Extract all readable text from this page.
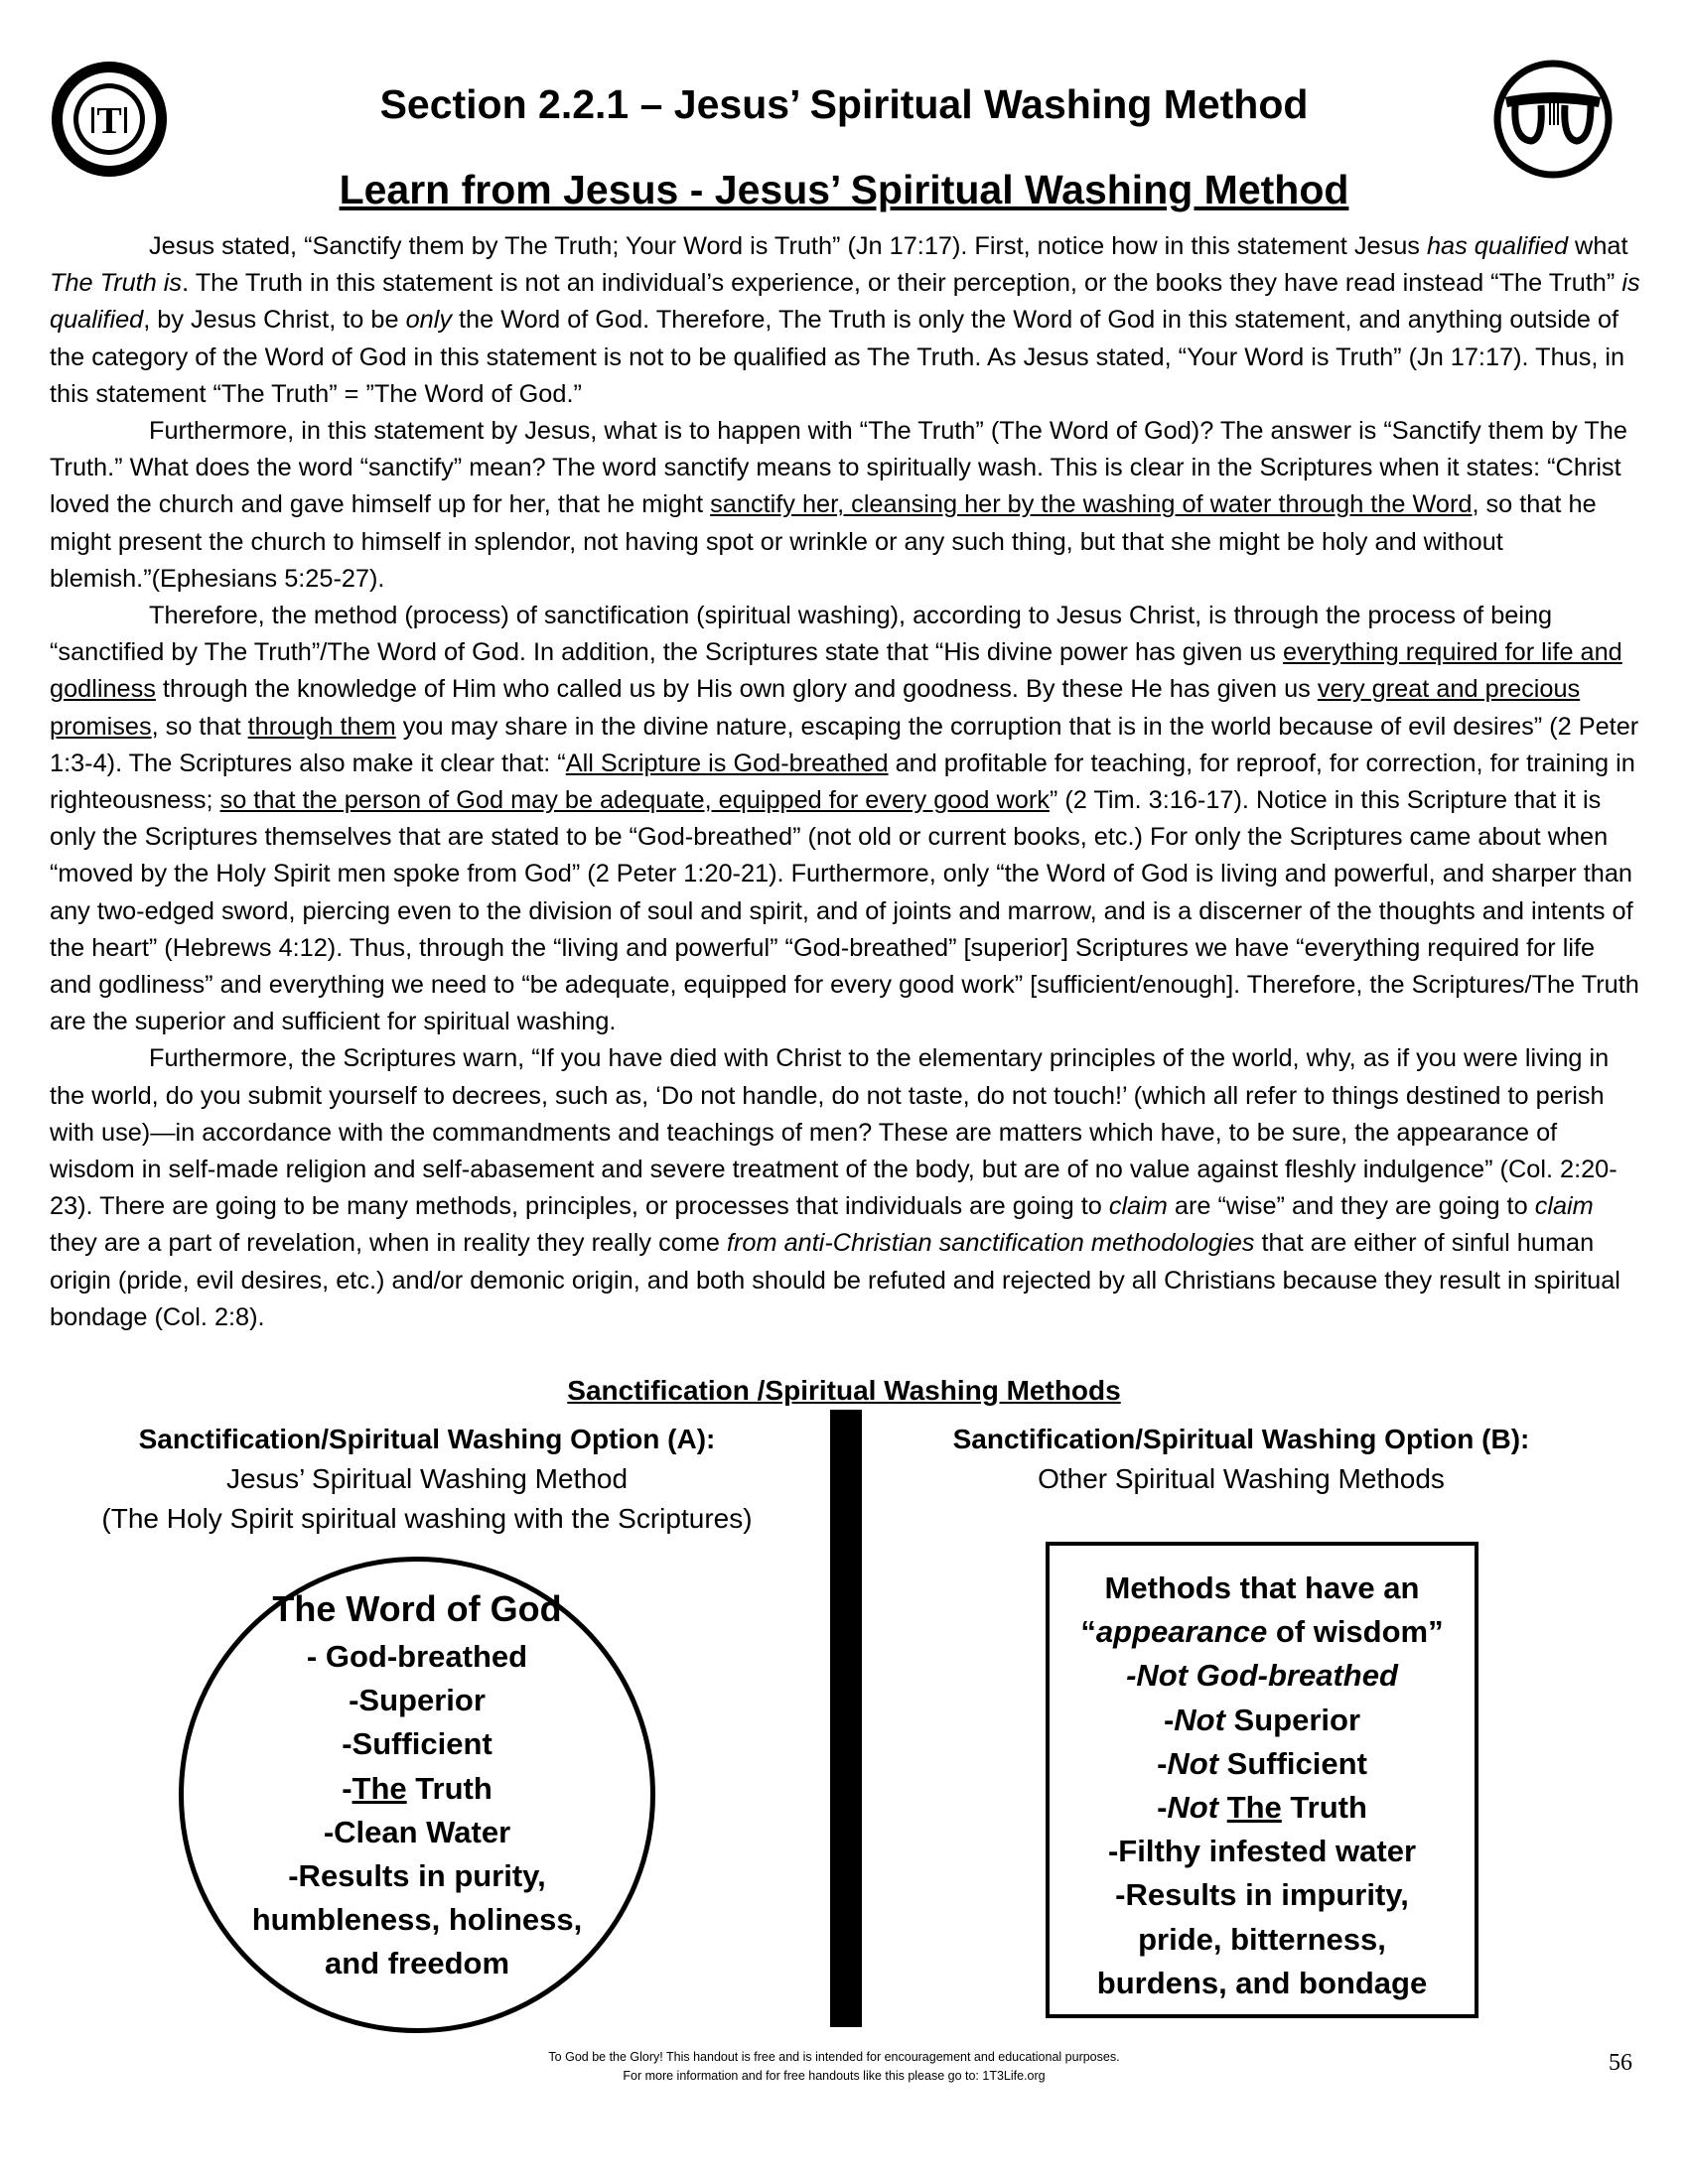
T	Section 2.2.1 – Jesus’ Spiritual Washing Method
Learn from Jesus - Jesus’ Spiritual Washing Method

Jesus stated, “Sanctify them by The Truth; Your Word is Truth” (Jn 17:17). First, notice how in this statement Jesus has qualified what The Truth is. The Truth in this statement is not an individual’s experience, or their perception, or the books they have read instead “The Truth” is qualified, by Jesus Christ, to be only the Word of God. Therefore, The Truth is only the Word of God in this statement, and anything outside of the category of the Word of God in this statement is not to be qualified as The Truth. As Jesus stated, “Your Word is Truth” (Jn 17:17). Thus, in this statement “The Truth” = ”The Word of God.”

Furthermore, in this statement by Jesus, what is to happen with “The Truth” (The Word of God)? The answer is “Sanctify them by The Truth.” What does the word “sanctify” mean? The word sanctify means to spiritually wash. This is clear in the Scriptures when it states: “Christ loved the church and gave himself up for her, that he might sanctify her, cleansing her by the washing of water through the Word, so that he might present the church to himself in splendor, not having spot or wrinkle or any such thing, but that she might be holy and without blemish.”(Ephesians 5:25-27).

Therefore, the method (process) of sanctification (spiritual washing), according to Jesus Christ, is through the process of being “sanctified by The Truth”/The Word of God. In addition, the Scriptures state that “His divine power has given us everything required for life and godliness through the knowledge of Him who called us by His own glory and goodness. By these He has given us very great and precious promises, so that through them you may share in the divine nature, escaping the corruption that is in the world because of evil desires” (2 Peter 1:3-4). The Scriptures also make it clear that: “All Scripture is God-breathed and profitable for teaching, for reproof, for correction, for training in righteousness; so that the person of God may be adequate, equipped for every good work” (2 Tim. 3:16-17). Notice in this Scripture that it is only the Scriptures themselves that are stated to be “God-breathed” (not old or current books, etc.) For only the Scriptures came about when “moved by the Holy Spirit men spoke from God” (2 Peter 1:20-21). Furthermore, only “the Word of God is living and powerful, and sharper than any two-edged sword, piercing even to the division of soul and spirit, and of joints and marrow, and is a discerner of the thoughts and intents of the heart” (Hebrews 4:12). Thus, through the “living and powerful” “God-breathed” [superior] Scriptures we have “everything required for life and godliness” and everything we need to “be adequate, equipped for every good work” [sufficient/enough]. Therefore, the Scriptures/The Truth are the superior and sufficient for spiritual washing.

Furthermore, the Scriptures warn, “If you have died with Christ to the elementary principles of the world, why, as if you were living in the world, do you submit yourself to decrees, such as, ‘Do not handle, do not taste, do not touch!’ (which all refer to things destined to perish with use)—in accordance with the commandments and teachings of men? These are matters which have, to be sure, the appearance of wisdom in self-made religion and self-abasement and severe treatment of the body, but are of no value against fleshly indulgence” (Col. 2:20-23). There are going to be many methods, principles, or processes that individuals are going to claim are “wise” and they are going to claim they are a part of revelation, when in reality they really come from anti-Christian sanctification methodologies that are either of sinful human origin (pride, evil desires, etc.) and/or demonic origin, and both should be refuted and rejected by all Christians because they result in spiritual bondage (Col. 2:8).

Sanctification /Spiritual Washing Methods
Sanctification/Spiritual Washing Option (A):
Jesus’ Spiritual Washing Method
(The Holy Spirit spiritual washing with the Scriptures)
Sanctification/Spiritual Washing Option (B):
Other Spiritual Washing Methods
The Word of God
- God-breathed
-Superior
-Sufficient
-The Truth
-Clean Water
-Results in purity,
humbleness, holiness,
and freedom
Methods that have an
“appearance of wisdom”
-Not God-breathed
-Not Superior
-Not Sufficient
-Not The Truth
-Filthy infested water
-Results in impurity,
pride, bitterness,
burdens, and bondage
To God be the Glory! This handout is free and is intended for encouragement and educational purposes.
For more information and for free handouts like this please go to: 1T3Life.org	56
